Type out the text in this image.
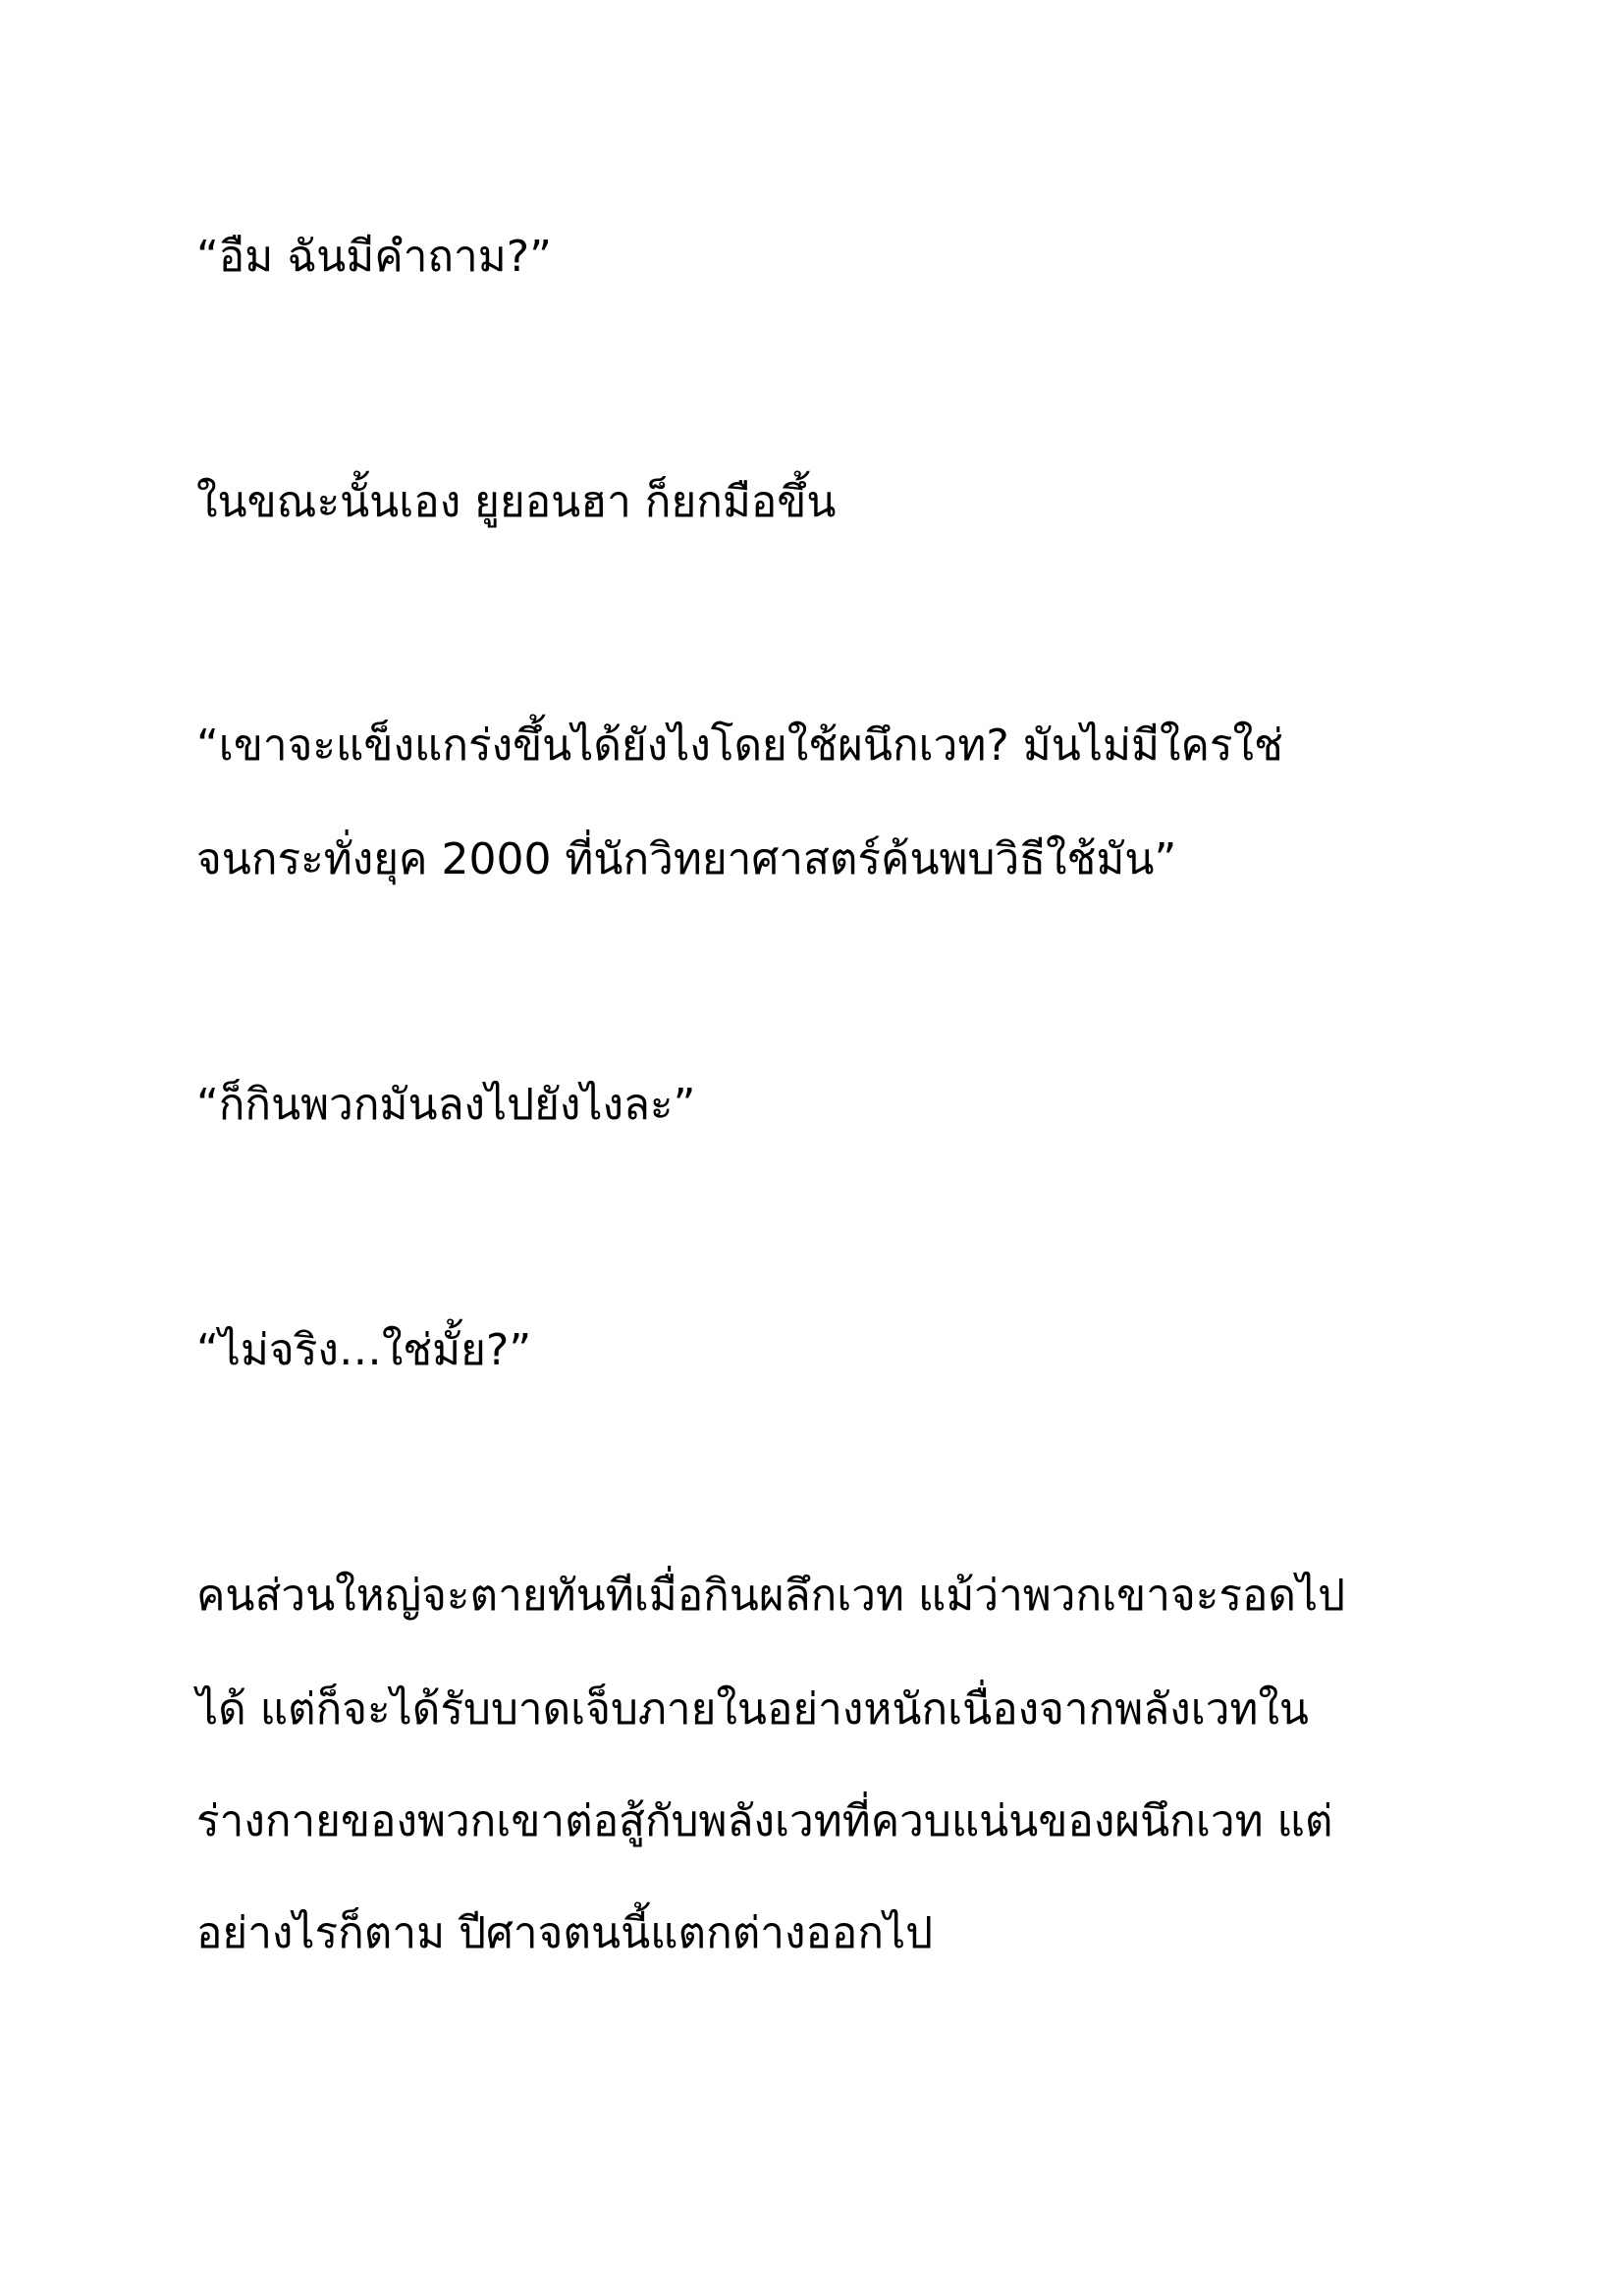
“อืม ฉันมีคำถาม?”

ในขณะนั้นเอง ยูยอนฮา ก็ยกมือขึ้น

“เขาจะแข็งแกร่งขึ้นได้ยังไงโดยใช้ผนึกเวท? มันไม่มีใครใช่

จนกระทั่งยุค 2000 ที่นักวิทยาศาสตร์ค้นพบวิธีใช้มัน”

“ก็กินพวกมันลงไปยังไงละ”

“ไม่จริง…ใช่มั้ย?”

คนส่วนใหญ่จะตายทันทีเมื่อกินผลึกเวท แม้ว่าพวกเขาจะรอดไป

ได้ แต่ก็จะได้รับบาดเจ็บภายในอย่างหนักเนื่องจากพลังเวทใน

ร่างกายของพวกเขาต่อสู้กับพลังเวทที่ควบแน่นของผนึกเวท แต่

อย่างไรก็ตาม ปีศาจตนนี้แตกต่างออกไป
